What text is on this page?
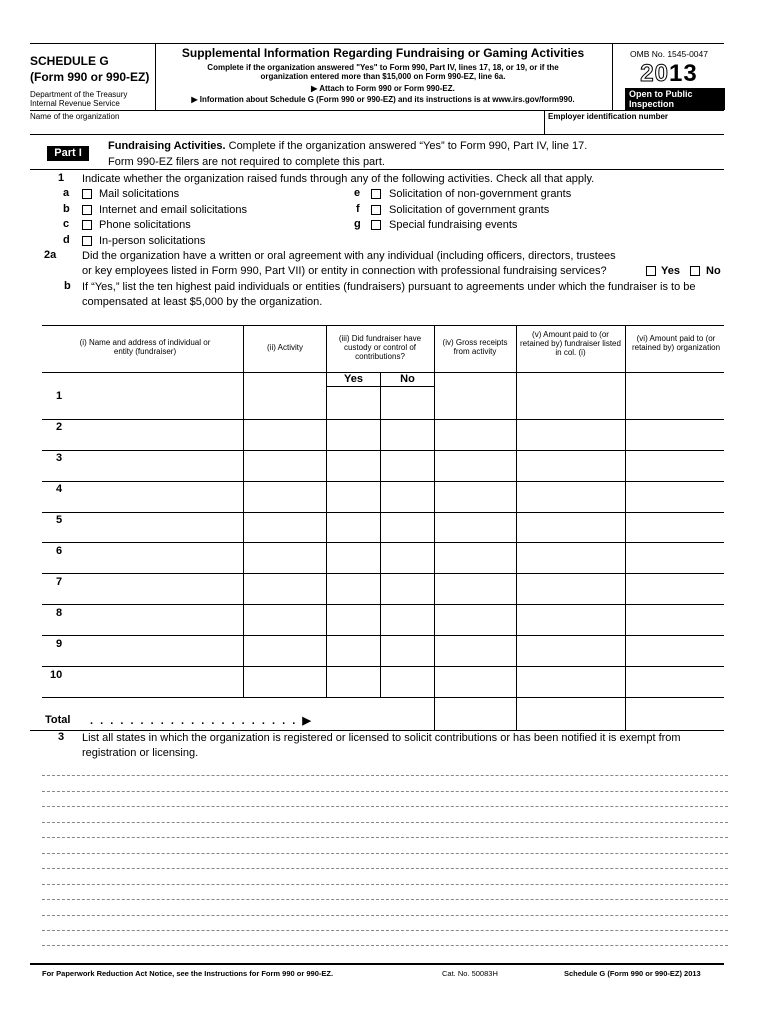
SCHEDULE G
(Form 990 or 990-EZ)
Department of the Treasury
Internal Revenue Service
Supplemental Information Regarding Fundraising or Gaming Activities
Complete if the organization answered "Yes" to Form 990, Part IV, lines 17, 18, or 19, or if the
organization entered more than $15,000 on Form 990-EZ, line 6a.
▶ Attach to Form 990 or Form 990-EZ.
▶ Information about Schedule G (Form 990 or 990-EZ) and its instructions is at www.irs.gov/form990.
OMB No. 1545-0047
2013
Open to Public
Inspection
Name of the organization	Employer identification number
Part I
Fundraising Activities. Complete if the organization answered “Yes” to Form 990, Part IV, line 17.
Form 990-EZ filers are not required to complete this part.
1 Indicate whether the organization raised funds through any of the following activities. Check all that apply.
a	Mail solicitations
b	Internet and email solicitations
c	Phone solicitations
d	In-person solicitations
e	Solicitation of non-government grants
f	Solicitation of government grants
g	Special fundraising events
2a Did the organization have a written or oral agreement with any individual (including officers, directors, trustees
or key employees listed in Form 990, Part VII) or entity in connection with professional fundraising services?	Yes No
b If “Yes,” list the ten highest paid individuals or entities (fundraisers) pursuant to agreements under which the fundraiser is to be
compensated at least $5,000 by the organization.
(i) Name and address of individual or entity (fundraiser)	(ii) Activity
(iii) Did fundraiser have custody or control of contributions?
Yes	No
(iv) Gross receipts from activity
(v) Amount paid to (or retained by) fundraiser listed in col. (i)
(vi) Amount paid to (or retained by) organization
1
2
3
4
5
6
7
8
9
10
Total . . . . . . . . . . . . . . . . . . . . . ▶
3 List all states in which the organization is registered or licensed to solicit contributions or has been notified it is exempt from
registration or licensing.
For Paperwork Reduction Act Notice, see the Instructions for Form 990 or 990-EZ.	Cat. No. 50083H	Schedule G (Form 990 or 990-EZ) 2013
